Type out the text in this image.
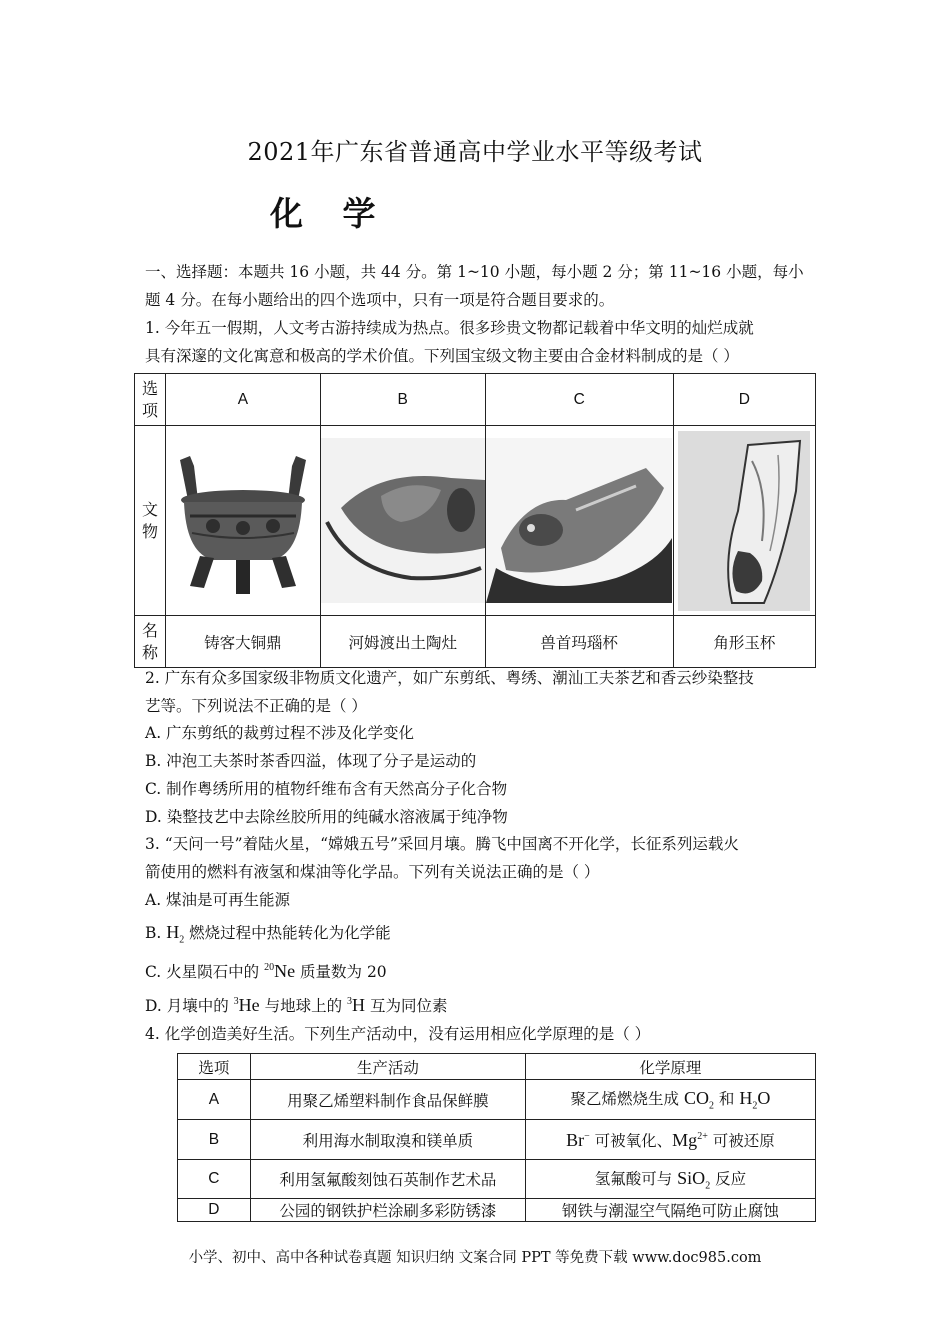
2021年广东省普通高中学业水平等级考试
化 学
一、选择题：本题共 16 小题，共 44 分。第 1~10 小题，每小题 2 分；第 11~16 小题，每小
题 4 分。在每小题给出的四个选项中，只有一项是符合题目要求的。
1. 今年五一假期，人文考古游持续成为热点。很多珍贵文物都记载着中华文明的灿烂成就
具有深邃的文化寓意和极高的学术价值。下列国宝级文物主要由合金材料制成的是（ ）
选
项	A	B	C	D

文
物

名
称	铸客大铜鼎	河姆渡出土陶灶	兽首玛瑙杯	角形玉杯
2. 广东有众多国家级非物质文化遗产，如广东剪纸、粤绣、潮汕工夫茶艺和香云纱染整技
艺等。下列说法不正确的是（ ）
A. 广东剪纸的裁剪过程不涉及化学变化
B. 冲泡工夫茶时茶香四溢，体现了分子是运动的
C. 制作粤绣所用的植物纤维布含有天然高分子化合物
D. 染整技艺中去除丝胶所用的纯碱水溶液属于纯净物
3. “天问一号”着陆火星，“嫦娥五号”采回月壤。腾飞中国离不开化学，长征系列运载火
箭使用的燃料有液氢和煤油等化学品。下列有关说法正确的是（ ）
A. 煤油是可再生能源
B. $H_2$ 燃烧过程中热能转化为化学能
C. 火星陨石中的 $^{20}$Ne 质量数为 20
D. 月壤中的 $^3$He 与地球上的 $^3$H 互为同位素
4. 化学创造美好生活。下列生产活动中，没有运用相应化学原理的是（ ）
选项	生产活动	化学原理
A	用聚乙烯塑料制作食品保鲜膜	聚乙烯燃烧生成 $CO_2$ 和 $H_2O$
B	利用海水制取溴和镁单质	Br− 可被氧化、$Mg^{2+}$ 可被还原
C	利用氢氟酸刻蚀石英制作艺术品	氢氟酸可与 SiO$_2$ 反应
D	公园的钢铁护栏涂刷多彩防锈漆	钢铁与潮湿空气隔绝可防止腐蚀
小学、初中、高中各种试卷真题 知识归纳 文案合同 PPT 等免费下载 www.doc985.com
